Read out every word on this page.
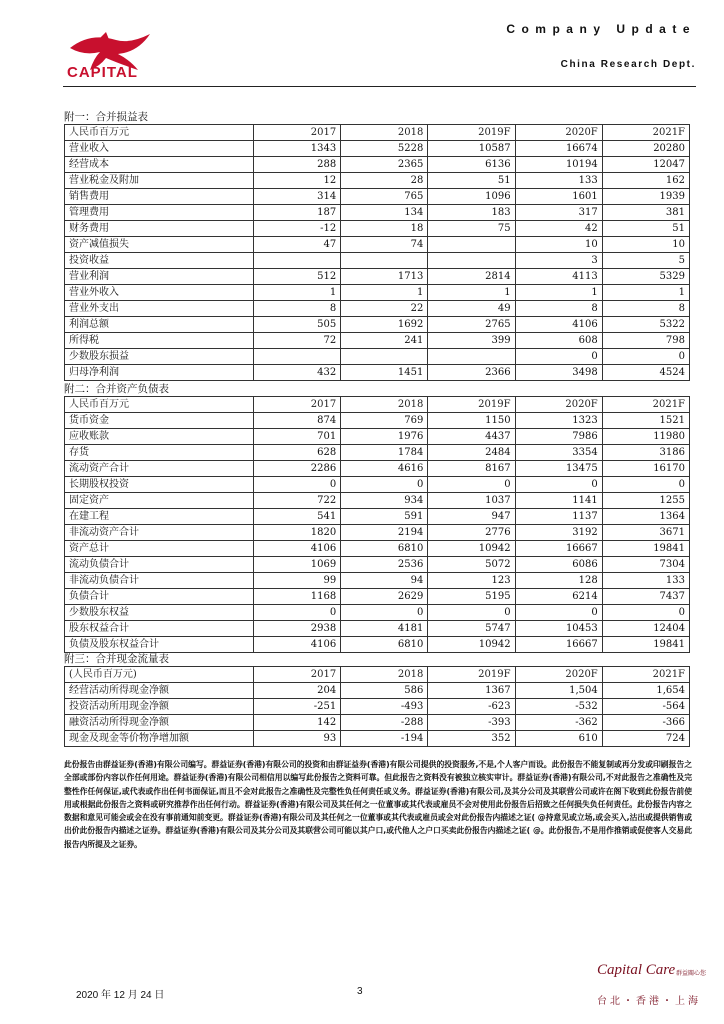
CAPITAL
Company Update
China Research Dept.
附一：合并损益表
人民币百万元	2017	2018	2019F	2020F	2021F
营业收入	1343	5228	10587	16674	20280
经营成本	288	2365	6136	10194	12047
营业税金及附加	12	28	51	133	162
销售费用	314	765	1096	1601	1939
管理费用	187	134	183	317	381
财务费用	-12	18	75	42	51
资产减值损失	47	74		10	10
投资收益				3	5
营业利润	512	1713	2814	4113	5329
营业外收入	1	1	1	1	1
营业外支出	8	22	49	8	8
利润总额	505	1692	2765	4106	5322
所得税	72	241	399	608	798
少数股东损益				0	0
归母净利润	432	1451	2366	3498	4524
附二：合并资产负债表
人民币百万元	2017	2018	2019F	2020F	2021F
货币资金	874	769	1150	1323	1521
应收账款	701	1976	4437	7986	11980
存货	628	1784	2484	3354	3186
流动资产合计	2286	4616	8167	13475	16170
长期股权投资	0	0	0	0	0
固定资产	722	934	1037	1141	1255
在建工程	541	591	947	1137	1364
非流动资产合计	1820	2194	2776	3192	3671
资产总计	4106	6810	10942	16667	19841
流动负债合计	1069	2536	5072	6086	7304
非流动负债合计	99	94	123	128	133
负债合计	1168	2629	5195	6214	7437
少数股东权益	0	0	0	0	0
股东权益合计	2938	4181	5747	10453	12404
负债及股东权益合计	4106	6810	10942	16667	19841
附三：合并现金流量表
(人民币百万元)	2017	2018	2019F	2020F	2021F
经营活动所得现金净额	204	586	1367	1,504	1,654
投资活动所用现金净额	-251	-493	-623	-532	-564
融资活动所得现金净额	142	-288	-393	-362	-366
现金及现金等价物净增加额	93	-194	352	610	724
此份报告由群益证券(香港)有限公司编写。群益证券(香港)有限公司的投资和由群证益券(香港)有限公司提供的投资服务,不是,个人客户而设。此份报告不能复制或再分发或印刷报告之全部或部份内容以作任何用途。群益证券(香港)有限公司相信用以编写此份报告之资料可靠。但此报告之资料没有被独立核实审计。群益证券(香港)有限公司,不对此报告之准确性及完整性作任何保证,或代表或作出任何书面保证,而且不会对此报告之准确性及完整性负任何责任或义务。群益证券(香港)有限公司,及其分公司及其联营公司或许在阁下收到此份报告前使用或根据此份报告之资料或研究推荐作出任何行动。群益证券(香港)有限公司及其任何之一位董事或其代表或雇员不会对使用此份报告后招致之任何损失负任何责任。此份报告内容之数据和意见可能会或会在没有事前通知前变更。群益证券(香港)有限公司及其任何之一位董事或其代表或雇员或会对此份报告内描述之证( @持意见或立场,或会买入,沽出或提供销售或出价此份报告内描述之证券。群益证券(香港)有限公司及其分公司及其联营公司可能以其户口,或代他人之户口买卖此份报告内描述之证( @。此份报告,不是用作推销或促使客人交易此报告内所提及之证券。
2020 年 12 月 24 日	3
Capital Care 群益關心您
台北・香港・上海
